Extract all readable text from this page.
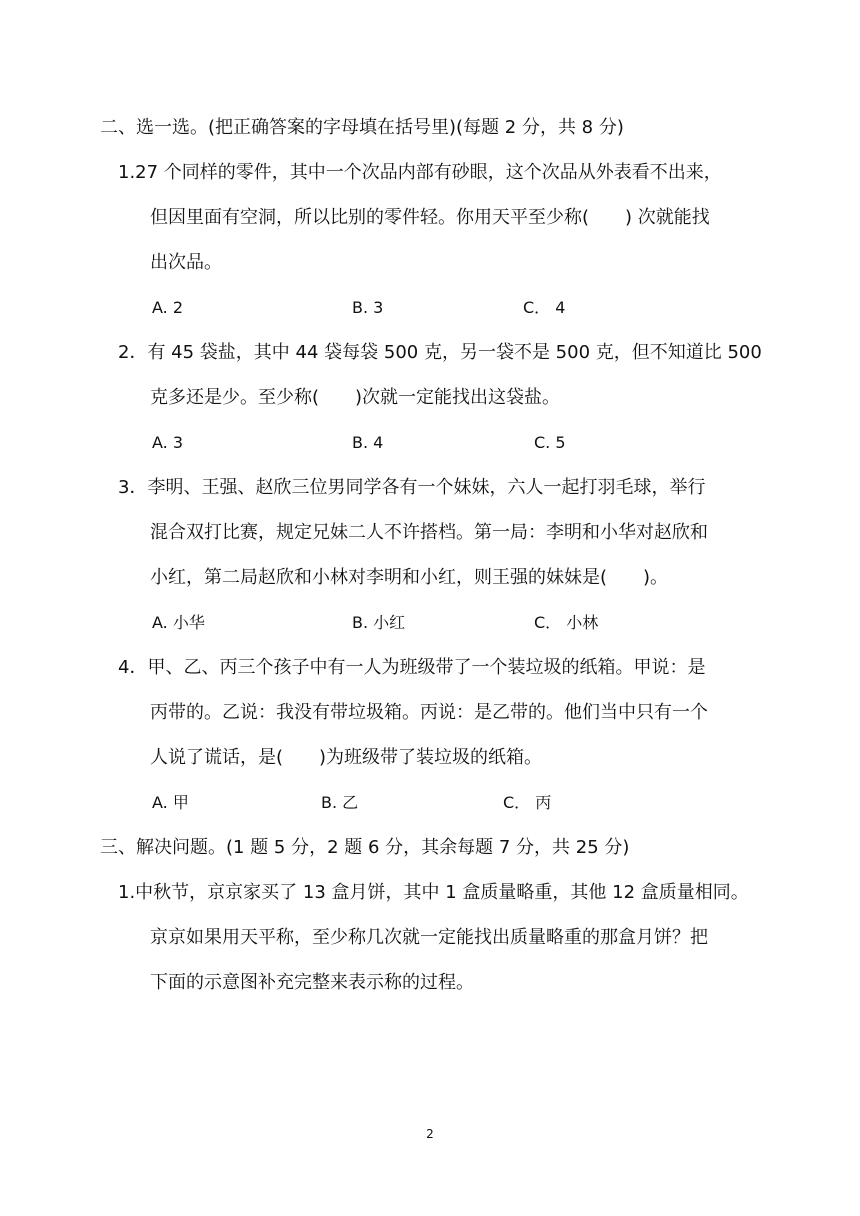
二、选一选。(把正确答案的字母填在括号里)(每题 2 分，共 8 分)
1.27 个同样的零件，其中一个次品内部有砂眼，这个次品从外表看不出来，
但因里面有空洞，所以比别的零件轻。你用天平至少称(　　) 次就能找
出次品。
A. 2	B. 3	C． 4
2．有 45 袋盐，其中 44 袋每袋 500 克，另一袋不是 500 克，但不知道比 500
克多还是少。至少称(　　)次就一定能找出这袋盐。
A. 3	B. 4	C. 5
3．李明、王强、赵欣三位男同学各有一个妹妹，六人一起打羽毛球，举行
混合双打比赛，规定兄妹二人不许搭档。第一局：李明和小华对赵欣和
小红，第二局赵欣和小林对李明和小红，则王强的妹妹是(　　)。
A. 小华	B. 小红	C． 小林
4．甲、乙、丙三个孩子中有一人为班级带了一个装垃圾的纸箱。甲说：是
丙带的。乙说：我没有带垃圾箱。丙说：是乙带的。他们当中只有一个
人说了谎话，是(　　)为班级带了装垃圾的纸箱。
A. 甲	B. 乙	C． 丙
三、解决问题。(1 题 5 分，2 题 6 分，其余每题 7 分，共 25 分)
1.中秋节，京京家买了 13 盒月饼，其中 1 盒质量略重，其他 12 盒质量相同。
京京如果用天平称，至少称几次就一定能找出质量略重的那盒月饼？把
下面的示意图补充完整来表示称的过程。
2
